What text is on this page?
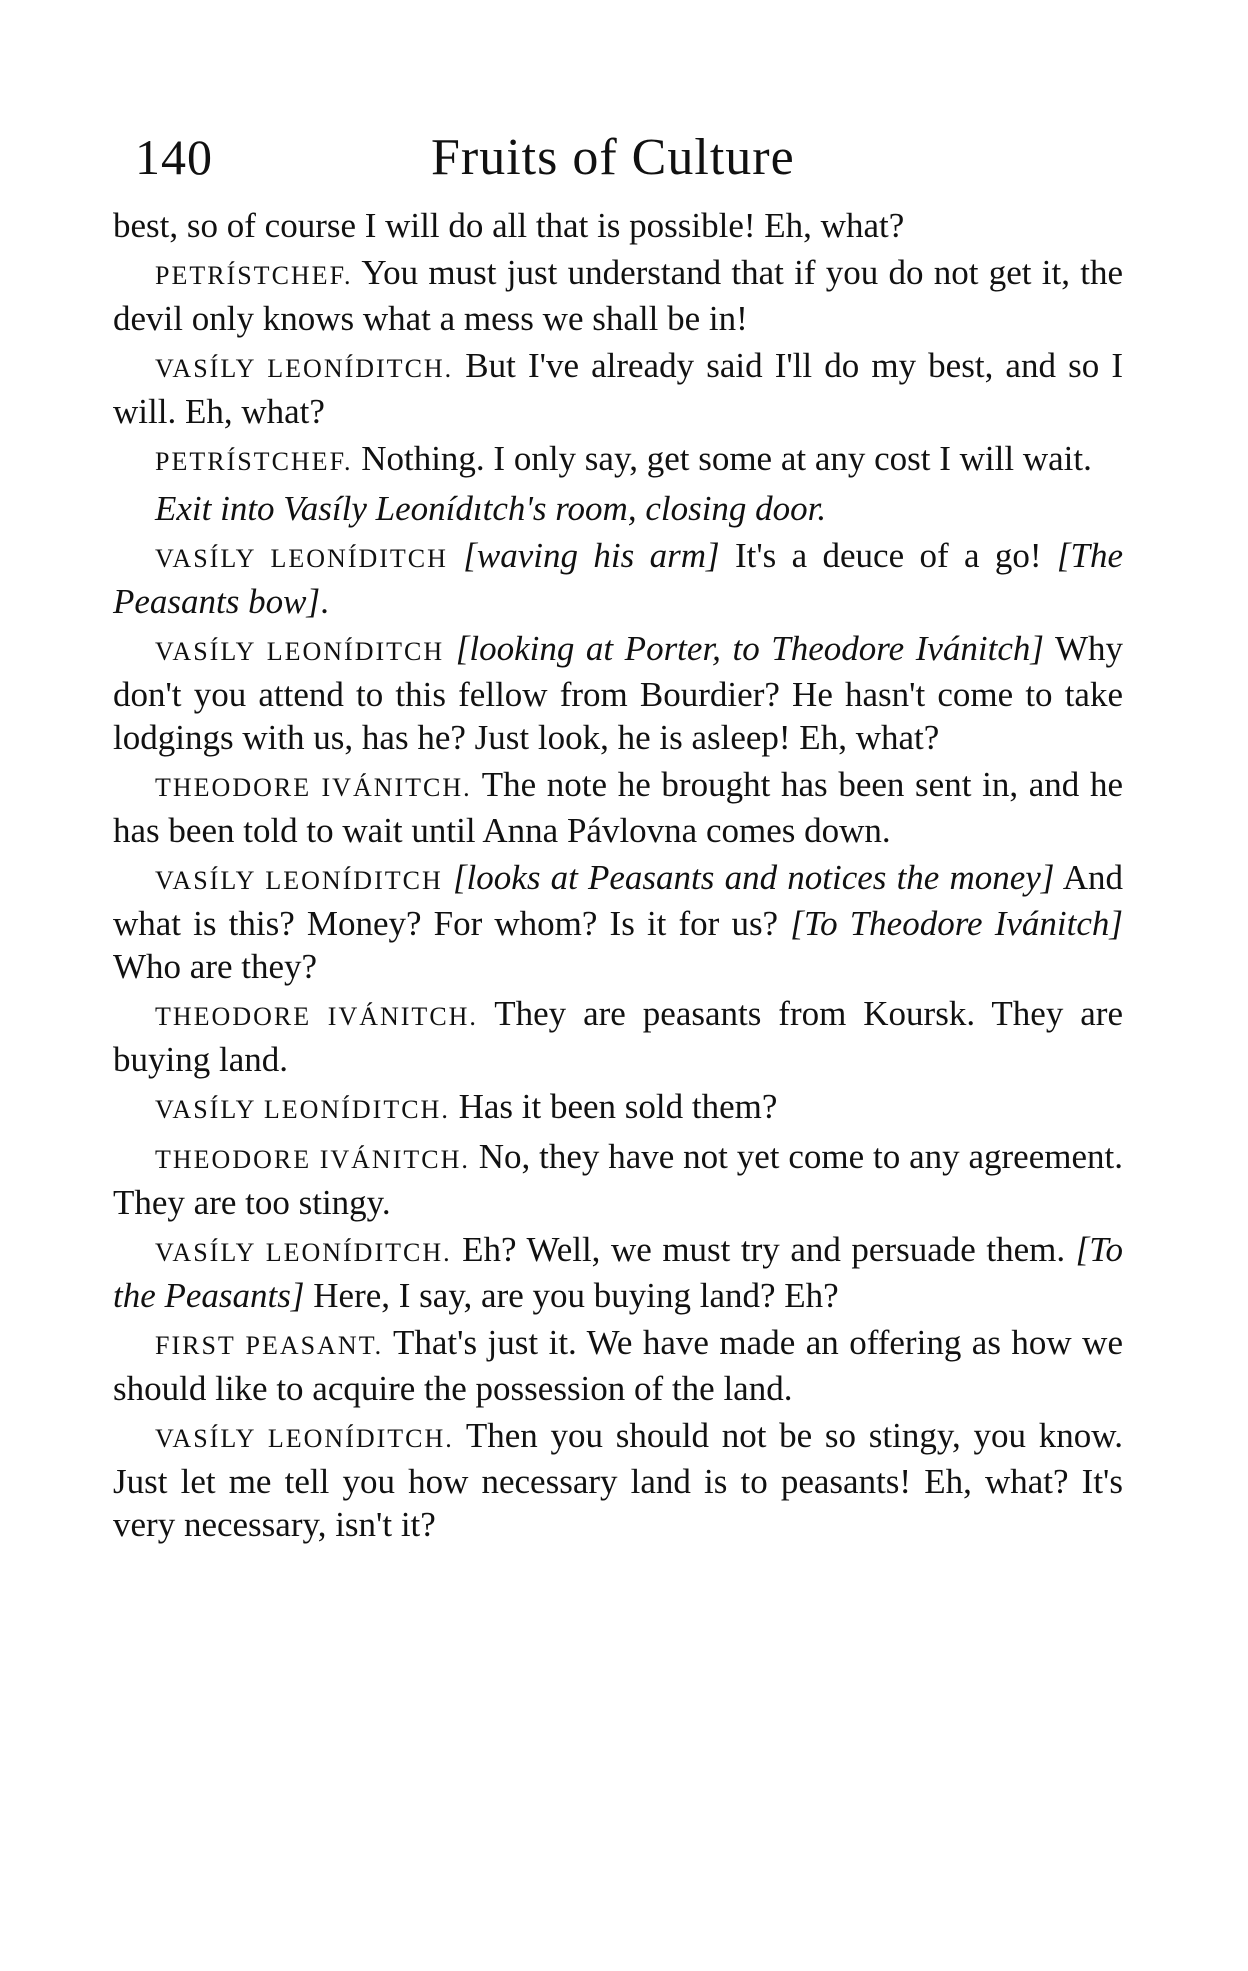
140	Fruits of Culture

best, so of course I will do all that is possible! Eh, what?

PETRÍSTCHEF. You must just understand that if you do not get it, the devil only knows what a mess we shall be in!

VASÍLY LEONÍDITCH. But I've already said I'll do my best, and so I will. Eh, what?

PETRÍSTCHEF. Nothing. I only say, get some at any cost I will wait.

Exit into Vasíly Leonídıtch's room, closing door.

VASÍLY LEONÍDITCH [waving his arm] It's a deuce of a go! [The Peasants bow].

VASÍLY LEONÍDITCH [looking at Porter, to Theodore Ivánitch] Why don't you attend to this fellow from Bourdier? He hasn't come to take lodgings with us, has he? Just look, he is asleep! Eh, what?

THEODORE IVÁNITCH. The note he brought has been sent in, and he has been told to wait until Anna Pávlovna comes down.

VASÍLY LEONÍDITCH [looks at Peasants and notices the money] And what is this? Money? For whom? Is it for us? [To Theodore Ivánitch] Who are they?

THEODORE IVÁNITCH. They are peasants from Koursk. They are buying land.

VASÍLY LEONÍDITCH. Has it been sold them?

THEODORE IVÁNITCH. No, they have not yet come to any agreement. They are too stingy.

VASÍLY LEONÍDITCH. Eh? Well, we must try and persuade them. [To the Peasants] Here, I say, are you buying land? Eh?

FIRST PEASANT. That's just it. We have made an offering as how we should like to acquire the possession of the land.

VASÍLY LEONÍDITCH. Then you should not be so stingy, you know. Just let me tell you how necessary land is to peasants! Eh, what? It's very necessary, isn't it?
